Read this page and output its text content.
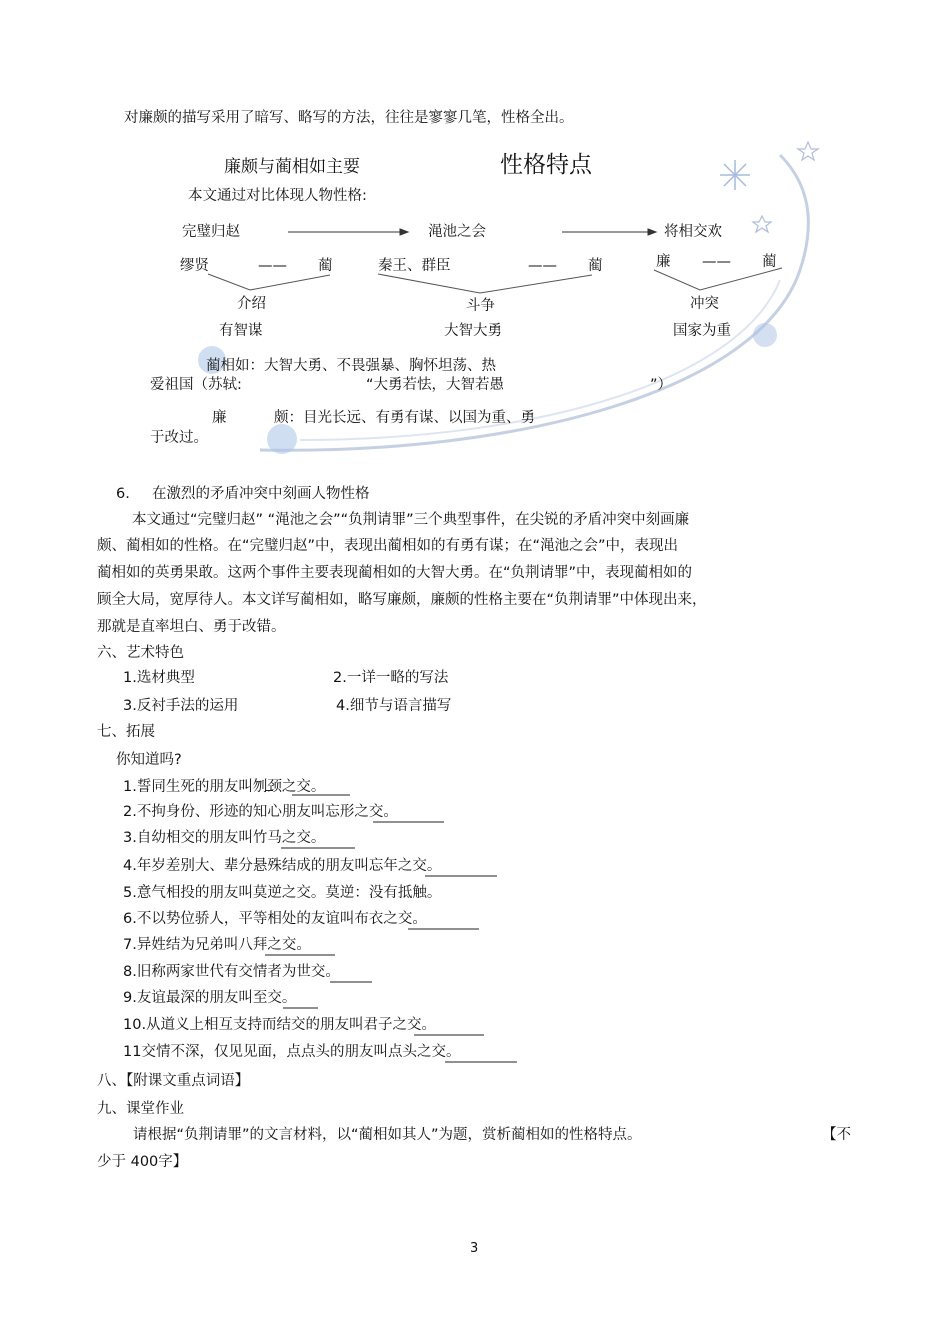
对廉颇的描写采用了暗写、略写的方法，往往是寥寥几笔，性格全出。
廉颇与蔺相如主要	性格特点
本文通过对比体现人物性格:
完璧归赵	渑池之会	将相交欢
缪贤	—— 蔺
介绍
有智谋
秦王、群臣	—— 蔺
斗争
大智大勇
廉 —— 蔺
冲突
国家为重
蔺相如：大智大勇、不畏强暴、胸怀坦荡、热
爱祖国（苏轼:	“大勇若怯，大智若愚	”）
廉	颇：目光长远、有勇有谋、以国为重、勇
于改过。
6. 在激烈的矛盾冲突中刻画人物性格
本文通过“完璧归赵” “渑池之会”“负荆请罪”三个典型事件，在尖锐的矛盾冲突中刻画廉
颇、蔺相如的性格。在“完璧归赵”中，表现出蔺相如的有勇有谋；在“渑池之会”中，表现出
蔺相如的英勇果敢。这两个事件主要表现蔺相如的大智大勇。在“负荆请罪”中，表现蔺相如的
顾全大局，宽厚待人。本文详写蔺相如，略写廉颇，廉颇的性格主要在“负荆请罪”中体现出来，
那就是直率坦白、勇于改错。
六、艺术特色
1.选材典型	2.一详一略的写法
3.反衬手法的运用	4.细节与语言描写
七、拓展
你知道吗?
1.誓同生死的朋友叫刎颈之交。
2.不拘身份、形迹的知心朋友叫忘形之交。
3.自幼相交的朋友叫竹马之交。
4.年岁差别大、辈分悬殊结成的朋友叫忘年之交。
5.意气相投的朋友叫莫逆之交。莫逆：没有抵触。
6.不以势位骄人，平等相处的友谊叫布衣之交。
7.异姓结为兄弟叫八拜之交。
8.旧称两家世代有交情者为世交。
9.友谊最深的朋友叫至交。
10.从道义上相互支持而结交的朋友叫君子之交。
11交情不深，仅见见面，点点头的朋友叫点头之交。
八、【附课文重点词语】
九、课堂作业
请根据“负荆请罪”的文言材料，以“蔺相如其人”为题，赏析蔺相如的性格特点。	【不
少于 400字】
3
